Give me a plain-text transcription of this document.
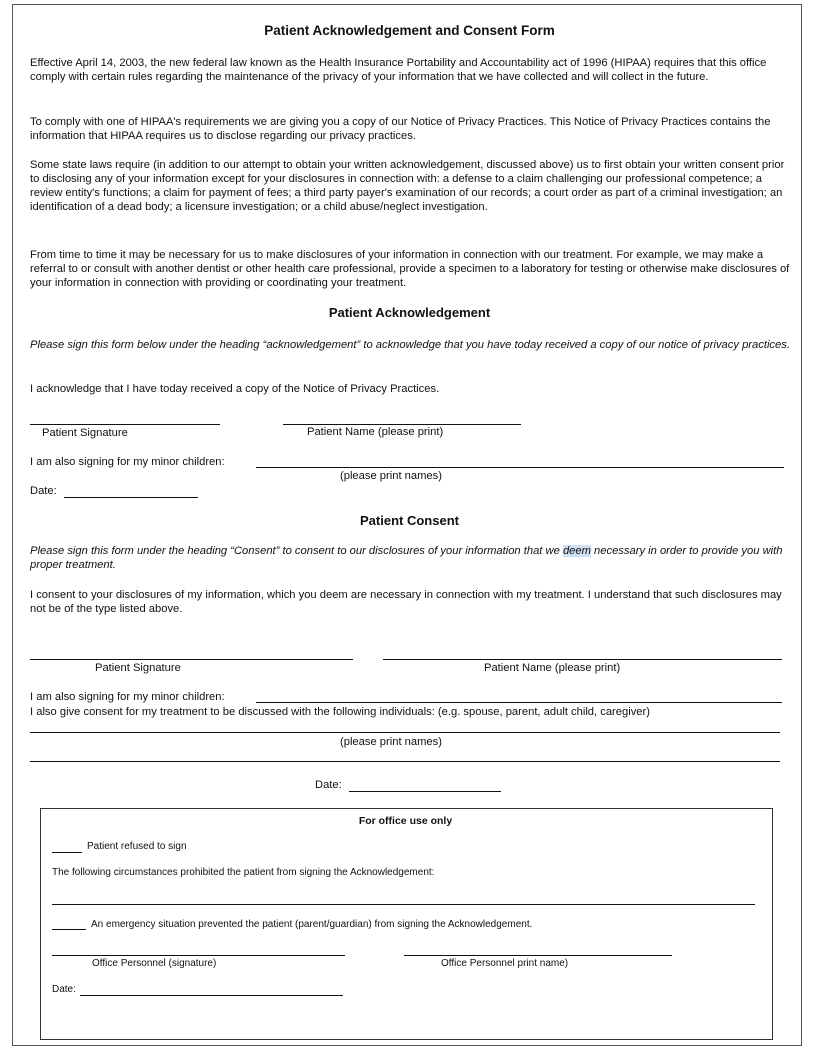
Patient Acknowledgement and Consent Form
Effective April 14, 2003, the new federal law known as the Health Insurance Portability and Accountability act of 1996 (HIPAA) requires that this office comply with certain rules regarding the maintenance of the privacy of your information that we have collected and will collect in the future.
To comply with one of HIPAA's requirements we are giving you a copy of our Notice of Privacy Practices. This Notice of Privacy Practices contains the information that HIPAA requires us to disclose regarding our privacy practices.
Some state laws require (in addition to our attempt to obtain your written acknowledgement, discussed above) us to first obtain your written consent prior to disclosing any of your information except for your disclosures in connection with: a defense to a claim challenging our professional competence; a review entity's functions; a claim for payment of fees; a third party payer's examination of our records; a court order as part of a criminal investigation; an identification of a dead body; a licensure investigation; or a child abuse/neglect investigation.
From time to time it may be necessary for us to make disclosures of your information in connection with our treatment. For example, we may make a referral to or consult with another dentist or other health care professional, provide a specimen to a laboratory for testing or otherwise make disclosures of your information in connection with providing or coordinating your treatment.
Patient Acknowledgement
Please sign this form below under the heading “acknowledgement” to acknowledge that you have today received a copy of our notice of privacy practices.
I acknowledge that I have today received a copy of the Notice of Privacy Practices.
Patient Signature	Patient Name (please print)
I am also signing for my minor children:
(please print names)
Date:
Patient Consent
Please sign this form under the heading “Consent” to consent to our disclosures of your information that we deem necessary in order to provide you with proper treatment.
I consent to your disclosures of my information, which you deem are necessary in connection with my treatment. I understand that such disclosures may not be of the type listed above.
Patient Signature	Patient Name (please print)
I am also signing for my minor children:
I also give consent for my treatment to be discussed with the following individuals: (e.g. spouse, parent, adult child, caregiver)
(please print names)
Date:
For office use only
Patient refused to sign
The following circumstances prohibited the patient from signing the Acknowledgement:
An emergency situation prevented the patient (parent/guardian) from signing the Acknowledgement.
Office Personnel (signature)	Office Personnel print name)
Date:
